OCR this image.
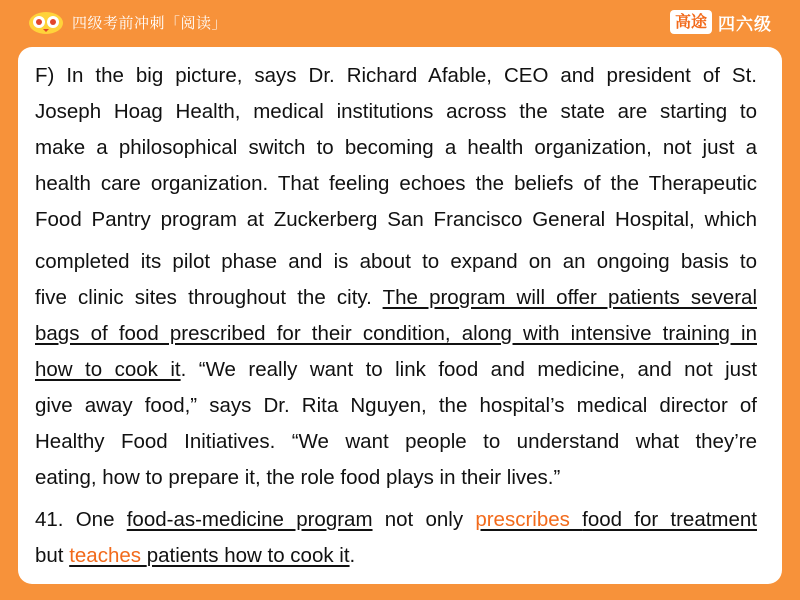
四级考前冲刺「阅读」	高途 四六级
F) In the big picture, says Dr. Richard Afable, CEO and president of St.
Joseph Hoag Health, medical institutions across the state are starting to
make a philosophical switch to becoming a health organization, not just a
health care organization. That feeling echoes the beliefs of the Therapeutic
Food Pantry program at Zuckerberg San Francisco General Hospital, which
completed its pilot phase and is about to expand on an ongoing basis to
five clinic sites throughout the city. The program will offer patients several
bags of food prescribed for their condition, along with intensive training in
how to cook it. “We really want to link food and medicine, and not just
give away food,” says Dr. Rita Nguyen, the hospital’s medical director of
Healthy Food Initiatives. “We want people to understand what they’re
eating, how to prepare it, the role food plays in their lives.”
41. One food-as-medicine program not only prescribes food for treatment
but teaches patients how to cook it.
